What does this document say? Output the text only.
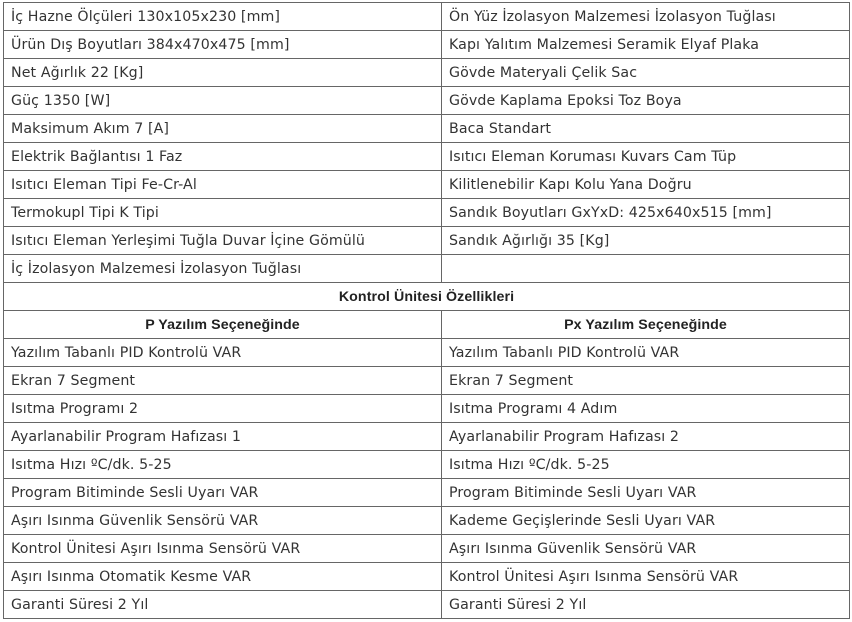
İç Hazne Ölçüleri 130x105x230 [mm]	Ön Yüz İzolasyon Malzemesi İzolasyon Tuğlası
Ürün Dış Boyutları 384x470x475 [mm]	Kapı Yalıtım Malzemesi Seramik Elyaf Plaka
Net Ağırlık 22 [Kg]	Gövde Materyali Çelik Sac
Güç 1350 [W]	Gövde Kaplama Epoksi Toz Boya
Maksimum Akım 7 [A]	Baca Standart
Elektrik Bağlantısı 1 Faz	Isıtıcı Eleman Koruması Kuvars Cam Tüp
Isıtıcı Eleman Tipi Fe-Cr-Al	Kilitlenebilir Kapı Kolu Yana Doğru
Termokupl Tipi K Tipi	Sandık Boyutları GxYxD: 425x640x515 [mm]
Isıtıcı Eleman Yerleşimi Tuğla Duvar İçine Gömülü	Sandık Ağırlığı 35 [Kg]
İç İzolasyon Malzemesi İzolasyon Tuğlası	
Kontrol Ünitesi Özellikleri	
P Yazılım Seçeneğinde	Px Yazılım Seçeneğinde
Yazılım Tabanlı PID Kontrolü VAR	Yazılım Tabanlı PID Kontrolü VAR
Ekran 7 Segment	Ekran 7 Segment
Isıtma Programı 2	Isıtma Programı 4 Adım
Ayarlanabilir Program Hafızası 1	Ayarlanabilir Program Hafızası 2
Isıtma Hızı ºC/dk. 5-25	Isıtma Hızı ºC/dk. 5-25
Program Bitiminde Sesli Uyarı VAR	Program Bitiminde Sesli Uyarı VAR
Aşırı Isınma Güvenlik Sensörü VAR	Kademe Geçişlerinde Sesli Uyarı VAR
Kontrol Ünitesi Aşırı Isınma Sensörü VAR	Aşırı Isınma Güvenlik Sensörü VAR
Aşırı Isınma Otomatik Kesme VAR	Kontrol Ünitesi Aşırı Isınma Sensörü VAR
Garanti Süresi 2 Yıl	Garanti Süresi 2 Yıl
